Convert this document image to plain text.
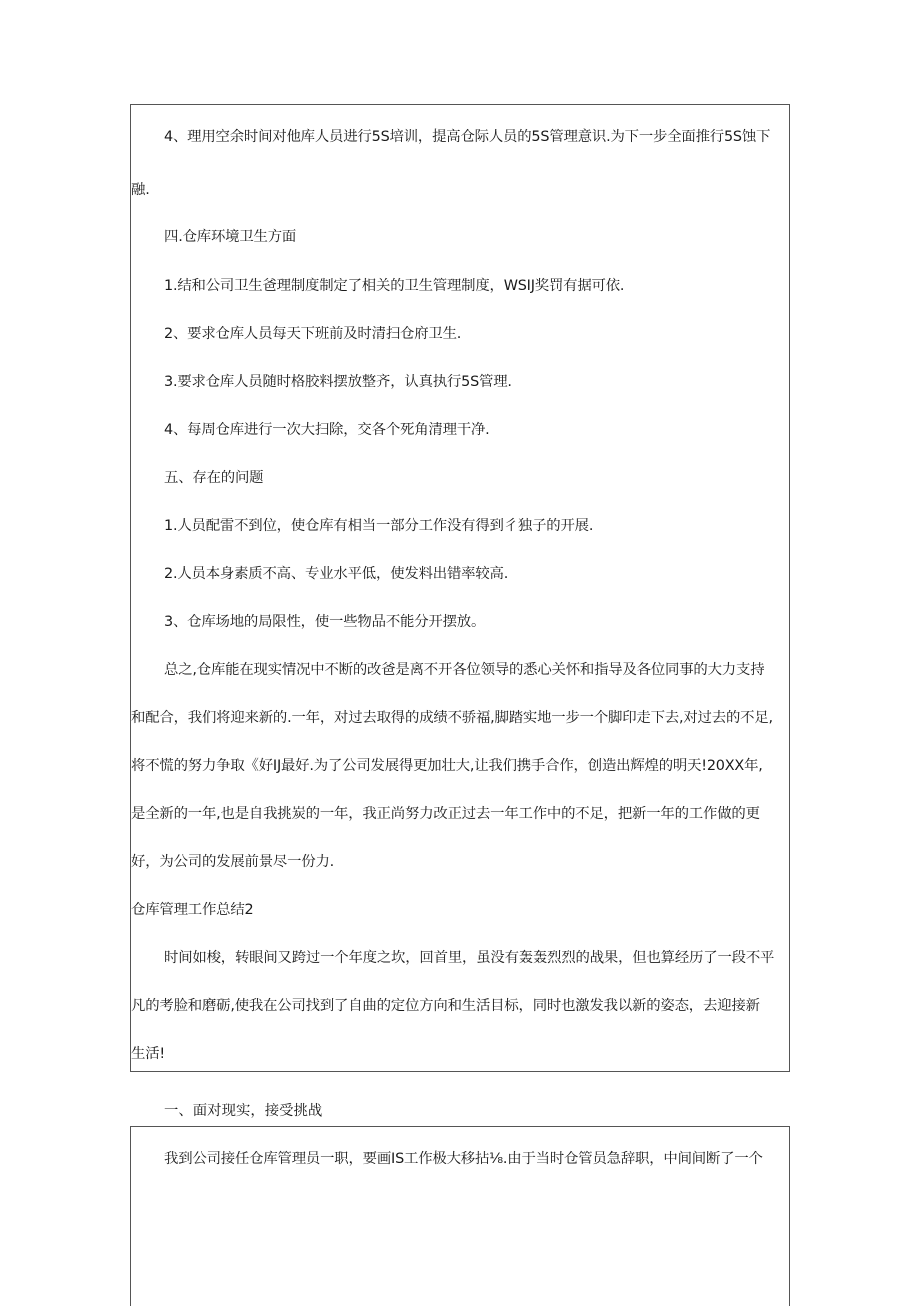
4、理用空余时间对他库人员进行5S培训，提高仓际人员的5S管理意识.为下一步全面推行5S蚀下
融.
四.仓库环境卫生方面
1.结和公司卫生爸理制度制定了相关的卫生管理制度，WSIJ奖罚有据可依.
2、要求仓库人员每天下班前及时清扫仓府卫生.
3.要求仓库人员随时格胶料摆放整齐，认真执行5S管理.
4、每周仓库进行一次大扫除，交各个死角清理干净.
五、存在的问题
1.人员配雷不到位，使仓库有相当一部分工作没有得到彳独子的开展.
2.人员本身素质不高、专业水平低，使发料出错率较高.
3、仓库场地的局限性，使一些物品不能分开摆放。
总之,仓库能在现实情况中不断的改爸是离不开各位领导的悉心关怀和指导及各位同事的大力支持
和配合，我们将迎来新的.一年，对过去取得的成绩不骄福,脚踏实地一步一个脚印走下去,对过去的不足,
将不慌的努力争取《好IJ最好.为了公司发展得更加壮大,让我们携手合作，创造出辉煌的明天!20XX年,
是全新的一年,也是自我挑炭的一年，我正尚努力改正过去一年工作中的不足，把新一年的工作做的更
好，为公司的发展前景尽一份力.
仓库管理工作总结2
时间如梭，转眼间又跨过一个年度之坎，回首里，虽没有轰轰烈烈的战果，但也算经历了一段不平
凡的考脸和磨砺,使我在公司找到了自曲的定位方向和生活目标，同时也激发我以新的姿态，去迎接新
生活!
一、面对现实，接受挑战
我到公司接任仓库管理员一职，要画IS工作极大移拈⅛.由于当时仓管员急辞职，中间间断了一个
